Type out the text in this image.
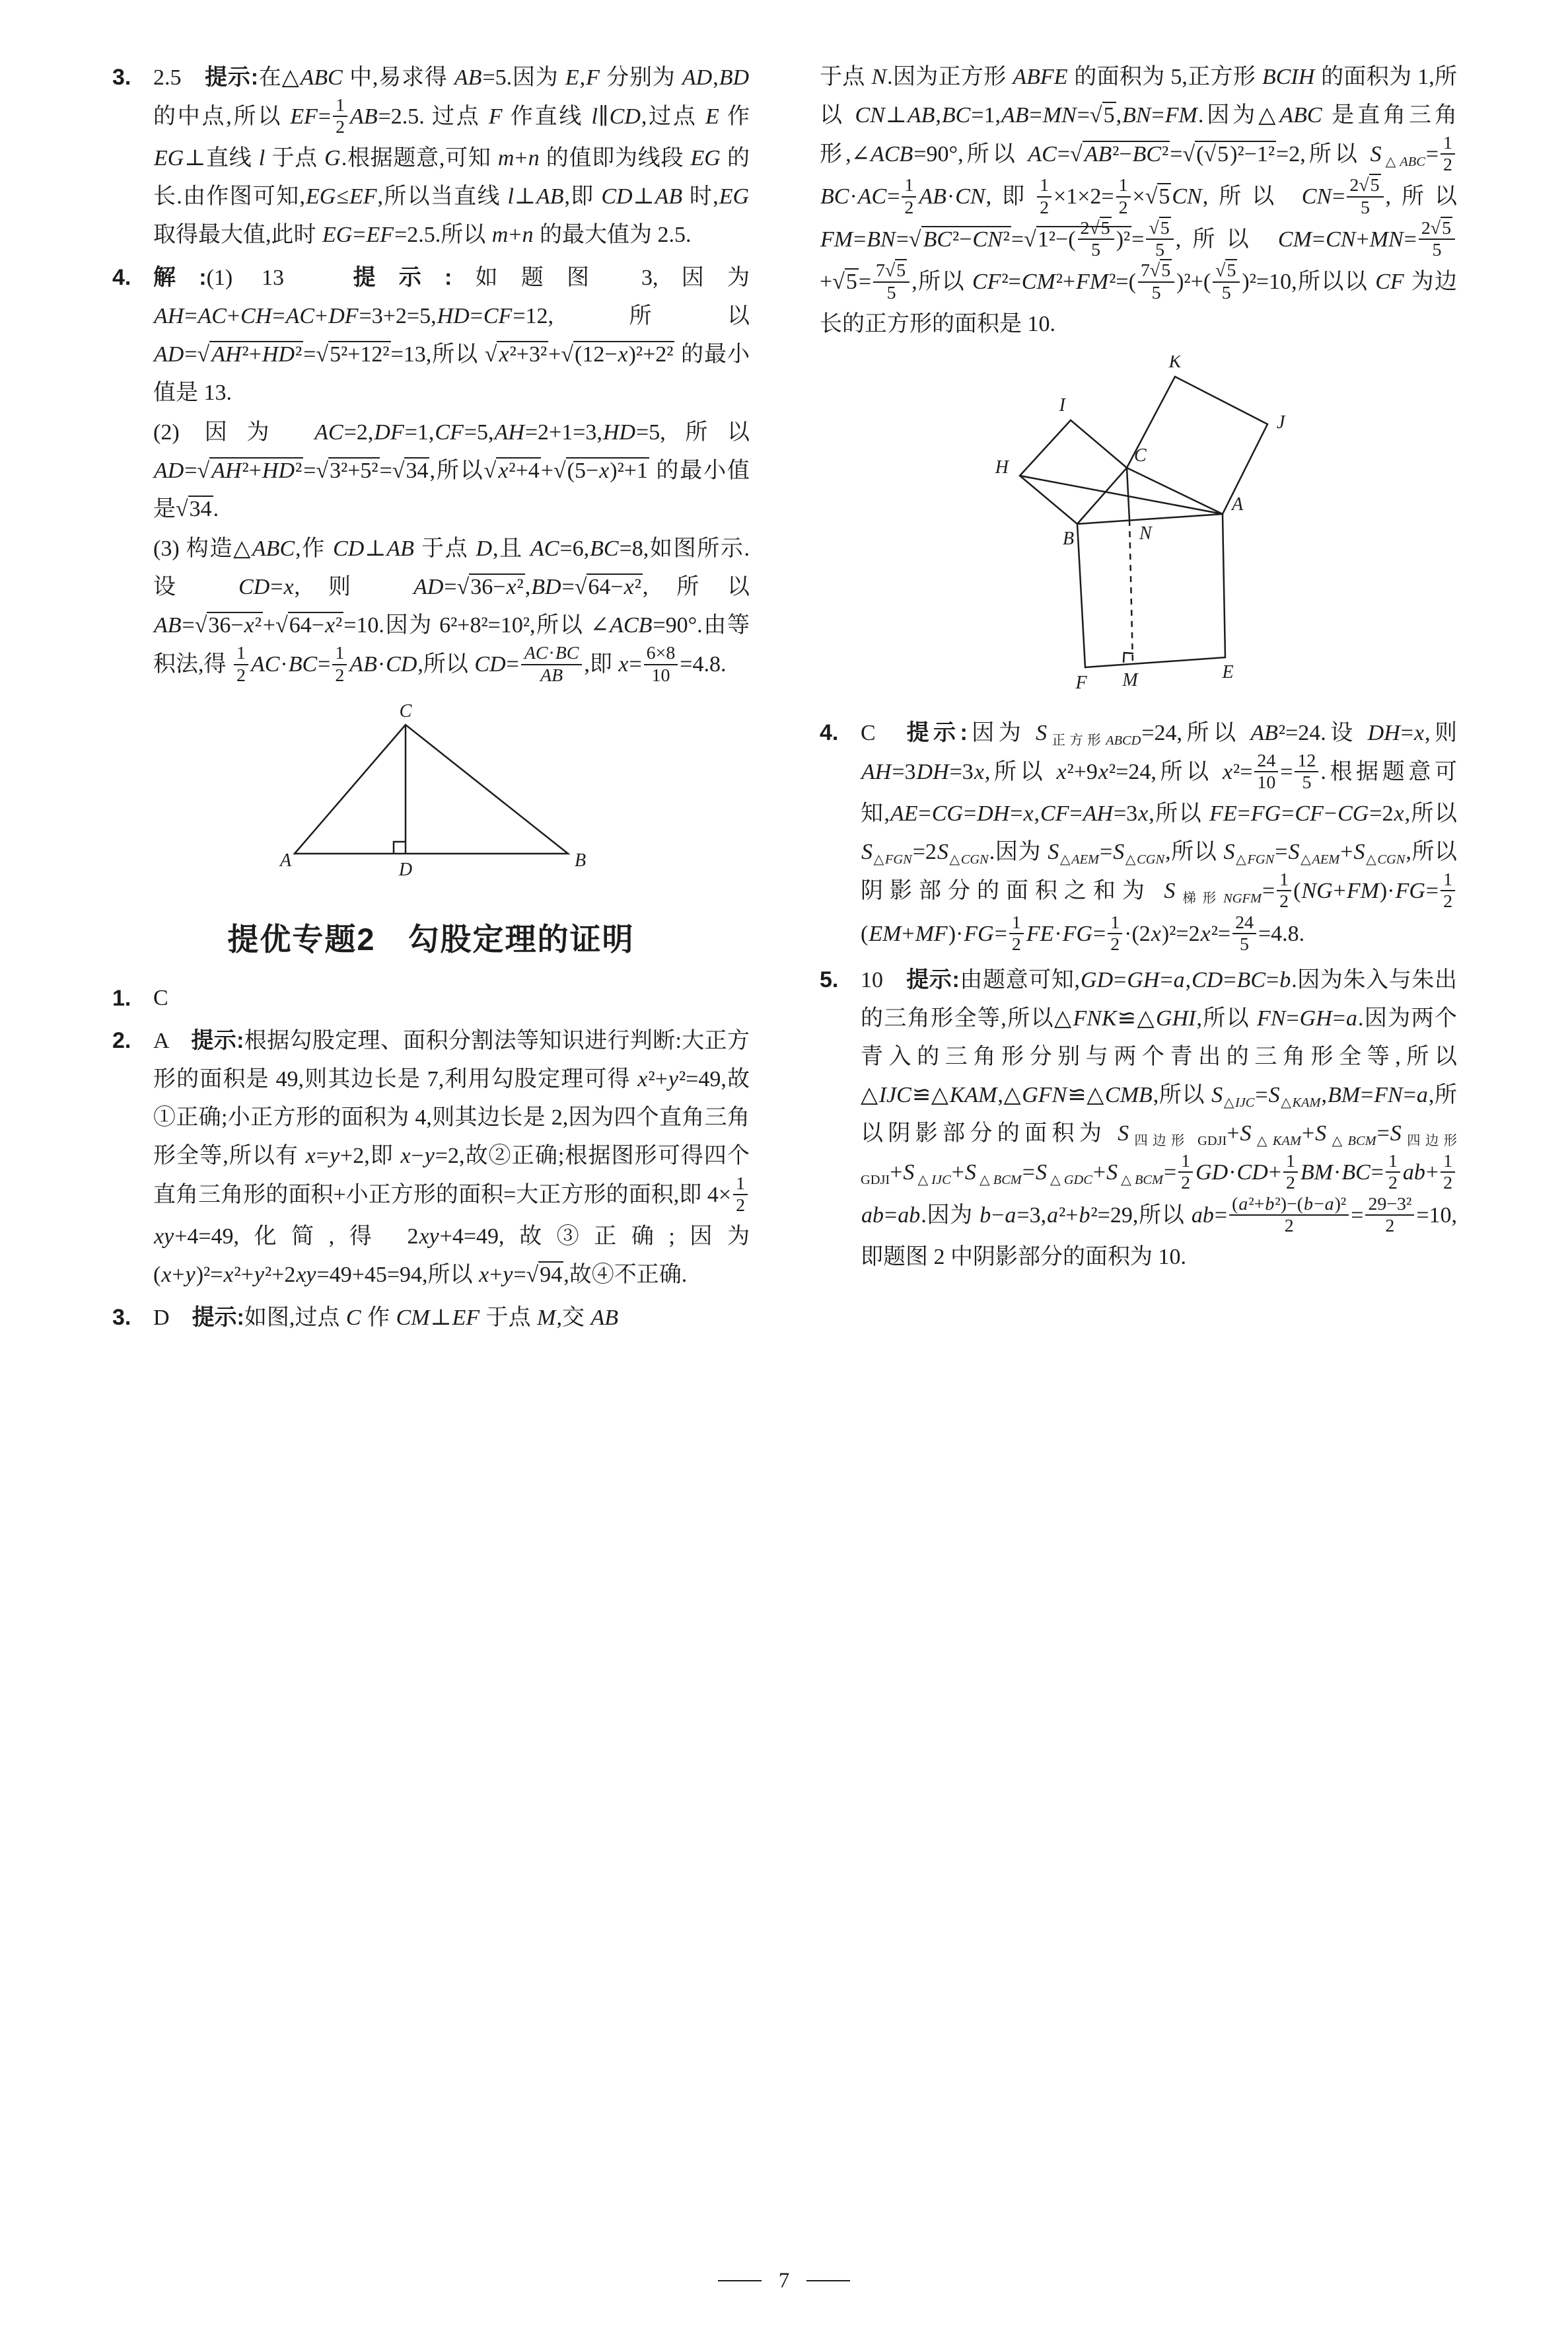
3. 2.5　提示:在△ABC 中,易求得 AB=5.因为 E,F 分别为 AD,BD 的中点,所以 $EF= \frac{1}{2} AB=2.5$. 过点 F 作直线 l∥CD,过点 E 作 EG⊥直线 l 于点 G.根据题意,可知 m+n 的值即为线段 EG 的长.由作图可知,EG≤EF,所以当直线 l⊥AB,即 CD⊥AB 时,EG 取得最大值,此时 EG=EF=2.5.所以 m+n 的最大值为 2.5.
4. 解:(1) 13　提示:如题图 3,因为 AH=AC+CH=AC+DF=3+2=5,HD=CF=12,所以 AD=√AH²+HD²=√5²+12²=13,所以 √x²+3²+√(12−x)²+2² 的最小值是 13.
(2) 因为 AC=2,DF=1,CF=5,AH=2+1=3,HD=5,所以 AD=√AH²+HD²=√3²+5²=√34,所以√x²+4+√(5−x)²+1 的最小值是√34.
(3) 构造△ABC,作 CD⊥AB 于点 D,且 AC=6,BC=8,如图所示.设 CD=x,则 AD=√36−x²,BD=√64−x²,所以 AB=√36−x²+√64−x²=10.因为 6²+8²=10²,所以 ∠ACB=90°.由等积法,得 $\frac{1}{2} AC\cdot BC= \frac{1}{2} AB\cdot CD$,所以 $CD= \frac{AC\cdot BC}{AB}$ ,即 $x= \frac{6\times 8}{10} =4.8$.
C
A	D	B
提优专题2　勾股定理的证明
1. C
2. A　提示:根据勾股定理、面积分割法等知识进行判断:大正方形的面积是 49,则其边长是 7,利用勾股定理可得 x²+y²=49,故①正确;小正方形的面积为 4,则其边长是 2,因为四个直角三角形全等,所以有 x=y+2,即 x−y=2,故②正确;根据图形可得四个直角三角形的面积+小正方形的面积=大正方形的面积,即 $4\times \frac{1}{2}$
xy+4=49,化简,得 2xy+4=49,故③正确;因为 (x+y)²=x²+y²+2xy=49+45=94,所以 x+y=√94,故④不正确.
3. D　提示:如图,过点 C 作 CM⊥EF 于点 M,交 AB
于点 N.因为正方形 ABFE 的面积为 5,正方形 BCIH 的面积为 1,所以 CN⊥AB,BC=1,AB=MN=√5,BN=FM.因为△ABC 是直角三角形,∠ACB=90°,所以 AC=√AB²−BC²=√(√5)²−1²=2,所以 $S_{\triangle ABC}= \frac{1}{2}$
$BC\cdot AC= \frac{1}{2} AB\cdot CN$,即 $\frac{1}{2} \times 1\times 2= \frac{1}{2} \times√5CN$,所以 $CN= \frac{2√5}{5}$ ,所以 $FM=BN=√BC^2-CN^2=√1^2-( \frac{2√5}{5} )^2= \frac{√5}{5}$ ,所以 $CM=CN+MN= \frac{2√5}{5}$
$+√5= \frac{7√5}{5}$ ,所以 $CF^2=CM^2+FM^2=( \frac{7√5}{5} )^2+( \frac{√5}{5} )^2=10$,所以以 CF 为边长的正方形的面积是 10.
K
I
J
H
C
B
A
N
F M	E
4. C　提示:因为 $S_{正方形ABCD}=24$,所以 AB²=24.设 DH=x,则 AH=3DH=3x,所以 x²+9x²=24,所以 $x^2= \frac{24}{10} = \frac{12}{5}$ .根据题意可知,AE=CG=DH=x,CF=AH=3x,所以 FE=FG=CF−CG=2x,所以 $S_{\triangle FGN}=2S_{\triangle CGN}$.因为 $S_{\triangle AEM}=S_{\triangle CGN}$,所以 $S_{\triangle FGN}=S_{\triangle AEM}+S_{\triangle CGN}$,所以阴影部分的面积之和为 $S_{梯形NGFM}= \frac{1}{2} (NG+FM)\cdot FG= \frac{1}{2}$
$(EM+MF)\cdot FG= \frac{1}{2} FE\cdot FG= \frac{1}{2} \cdot(2x)^2=2x^2= \frac{24}{5} =4.8$.
5. 10　提示:由题意可知,GD=GH=a,CD=BC=b.因为朱入与朱出的三角形全等,所以△FNK≌△GHI,所以 FN=GH=a.因为两个青入的三角形分别与两个青出的三角形全等,所以△IJC≌△KAM,△GFN≌△CMB,所以 $S_{\triangle IJC}=S_{\triangle KAM},BM=FN=a$,所以阴影部分的面积为 $S_{四边形 GDJI}+S_{\triangle KAM}+S_{\triangle BCM}=S_{四边形 GDJI}+S_{\triangle IJC}+S_{\triangle BCM}=S_{\triangle GDC}+S_{\triangle BCM}= \frac{1}{2} GD\cdot CD+ \frac{1}{2} BM\cdot BC= \frac{1}{2} ab+ \frac{1}{2}$
ab=ab.因为 b−a=3,a²+b²=29,所以 $ab= \frac{\text{(a²+b²)−(b−a)²}}{2} = \frac{\text{29−3²}}{2} =10$,即题图 2 中阴影部分的面积为 10.
7
